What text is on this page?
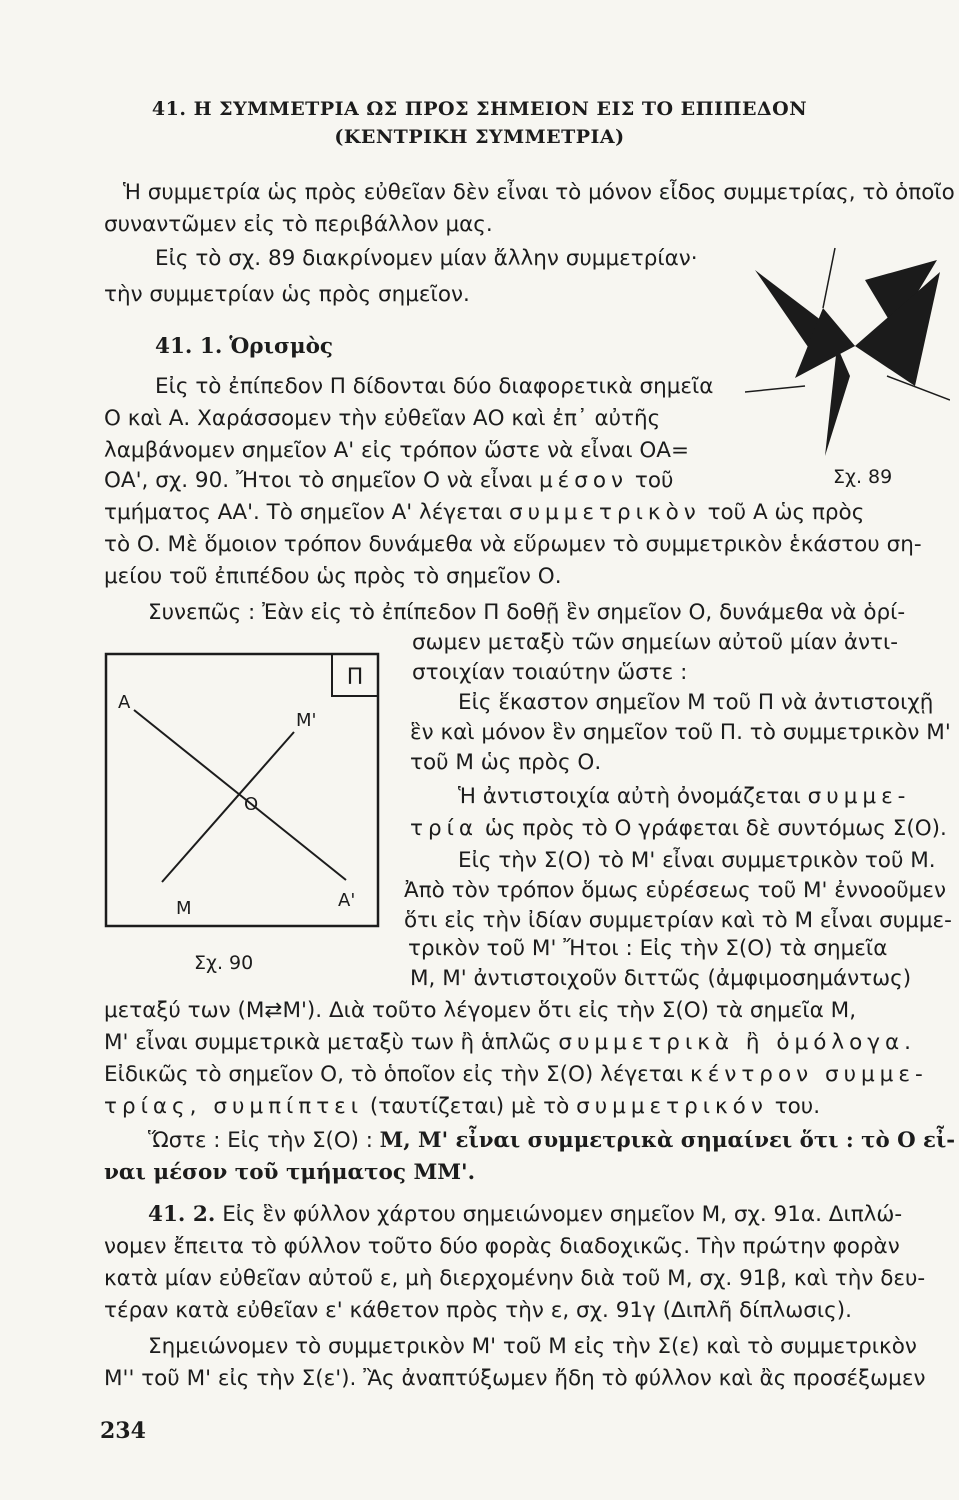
41. Η ΣΥΜΜΕΤΡΙΑ ΩΣ ΠΡΟΣ ΣΗΜΕΙΟΝ ΕΙΣ ΤΟ ΕΠΙΠΕΔΟΝ
(ΚΕΝΤΡΙΚΗ ΣΥΜΜΕΤΡΙΑ)
Ἡ συμμετρία ὡς πρὸς εὐθεῖαν δὲν εἶναι τὸ μόνον εἶδος συμμετρίας, τὸ ὁποῖο
συναντῶμεν εἰς τὸ περιβάλλον μας.
Εἰς τὸ σχ. 89 διακρίνομεν μίαν ἄλλην συμμετρίαν·
τὴν συμμετρίαν ὡς πρὸς σημεῖον.
Σχ. 89
41. 1. Ὁρισμὸς
Εἰς τὸ ἐπίπεδον Π δίδονται δύο διαφορετικὰ σημεῖα
Ο καὶ Α. Χαράσσομεν τὴν εὐθεῖαν ΑΟ καὶ ἐπ᾿ αὐτῆς
λαμβάνομεν σημεῖον Α' εἰς τρόπον ὥστε νὰ εἶναι ΟΑ=
ΟΑ', σχ. 90. Ἤτοι τὸ σημεῖον Ο νὰ εἶναι μέσον τοῦ
τμήματος ΑΑ'. Τὸ σημεῖον Α' λέγεται συμμετρικὸν τοῦ Α ὡς πρὸς
τὸ Ο. Μὲ ὅμοιον τρόπον δυνάμεθα νὰ εὕρωμεν τὸ συμμετρικὸν ἑκάστου ση-
μείου τοῦ ἐπιπέδου ὡς πρὸς τὸ σημεῖον Ο.
Συνεπῶς : Ἐὰν εἰς τὸ ἐπίπεδον Π δοθῇ ἓν σημεῖον Ο, δυνάμεθα νὰ ὁρί-
σωμεν μεταξὺ τῶν σημείων αὐτοῦ μίαν ἀντι-
στοιχίαν τοιαύτην ὥστε :
Εἰς ἕκαστον σημεῖον Μ τοῦ Π νὰ ἀντιστοιχῇ
ἓν καὶ μόνον ἓν σημεῖον τοῦ Π. τὸ συμμετρικὸν Μ'
τοῦ Μ ὡς πρὸς Ο.
Ἡ ἀντιστοιχία αὐτὴ ὀνομάζεται συμμε-
τρία ὡς πρὸς τὸ Ο γράφεται δὲ συντόμως Σ(Ο).
Εἰς τὴν Σ(Ο) τὸ Μ' εἶναι συμμετρικὸν τοῦ Μ.
Ἀπὸ τὸν τρόπον ὅμως εὑρέσεως τοῦ Μ' ἐννοοῦμεν
ὅτι εἰς τὴν ἰδίαν συμμετρίαν καὶ τὸ Μ εἶναι συμμε-
τρικὸν τοῦ Μ' Ἤτοι : Εἰς τὴν Σ(Ο) τὰ σημεῖα
Μ, Μ' ἀντιστοιχοῦν διττῶς (ἀμφιμοσημάντως)
Π
Α
Μ'
Ο
Μ	Α'
Σχ. 90
μεταξύ των (Μ⇄Μ'). Διὰ τοῦτο λέγομεν ὅτι εἰς τὴν Σ(Ο) τὰ σημεῖα Μ,
Μ' εἶναι συμμετρικὰ μεταξὺ των ἢ ἁπλῶς συμμετρικὰ ἢ ὁμόλογα.
Εἰδικῶς τὸ σημεῖον Ο, τὸ ὁποῖον εἰς τὴν Σ(Ο) λέγεται κέντρον συμμε-
τρίας, συμπίπτει (ταυτίζεται) μὲ τὸ συμμετρικόν του.
Ὥστε : Εἰς τὴν Σ(Ο) : Μ, Μ' εἶναι συμμετρικὰ σημαίνει ὅτι : τὸ Ο εἶ-
ναι μέσον τοῦ τμήματος ΜΜ'.
41. 2. Εἰς ἓν φύλλον χάρτου σημειώνομεν σημεῖον Μ, σχ. 91α. Διπλώ-
νομεν ἔπειτα τὸ φύλλον τοῦτο δύο φορὰς διαδοχικῶς. Τὴν πρώτην φορὰν
κατὰ μίαν εὐθεῖαν αὐτοῦ ε, μὴ διερχομένην διὰ τοῦ Μ, σχ. 91β, καὶ τὴν δευ-
τέραν κατὰ εὐθεῖαν ε' κάθετον πρὸς τὴν ε, σχ. 91γ (Διπλῆ δίπλωσις).
Σημειώνομεν τὸ συμμετρικὸν Μ' τοῦ Μ εἰς τὴν Σ(ε) καὶ τὸ συμμετρικὸν
Μ'' τοῦ Μ' εἰς τὴν Σ(ε'). Ἂς ἀναπτύξωμεν ἤδη τὸ φύλλον καὶ ἂς προσέξωμεν
234
